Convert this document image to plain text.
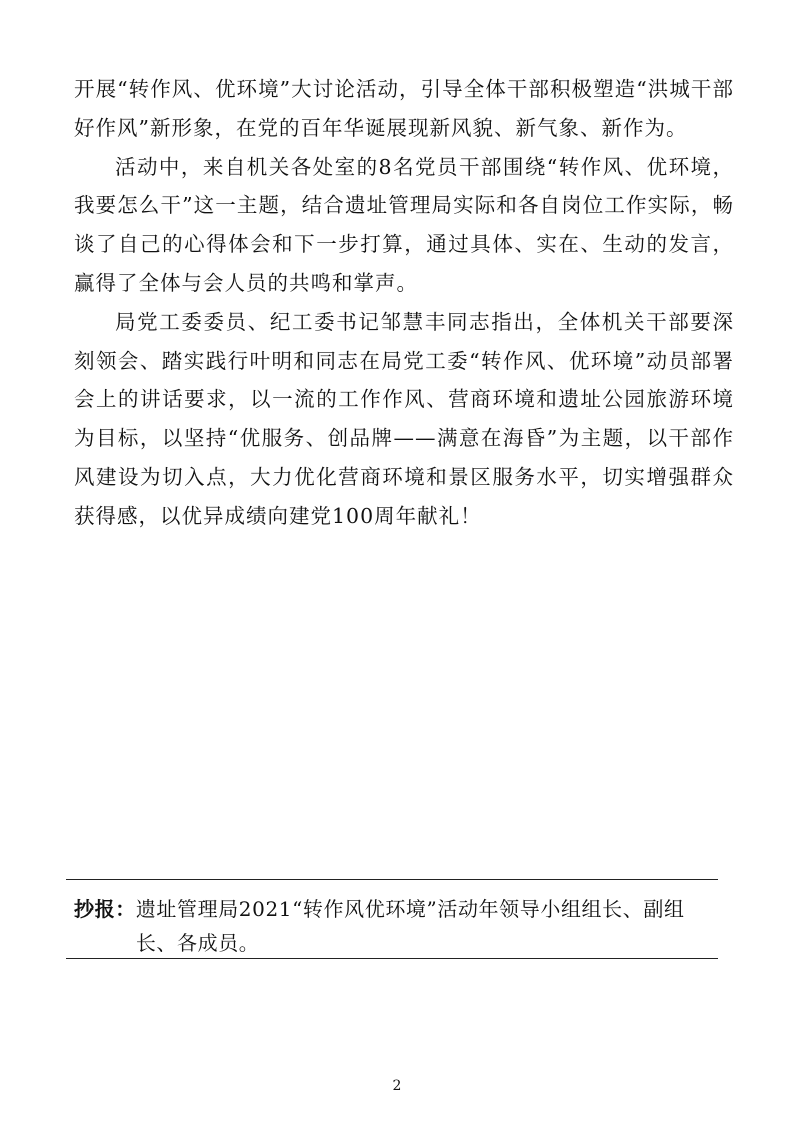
开展“转作风、优环境”大讨论活动，引导全体干部积极塑造“洪城干部好作风”新形象，在党的百年华诞展现新风貌、新气象、新作为。

活动中，来自机关各处室的8名党员干部围绕“转作风、优环境，我要怎么干”这一主题，结合遗址管理局实际和各自岗位工作实际，畅谈了自己的心得体会和下一步打算，通过具体、实在、生动的发言，赢得了全体与会人员的共鸣和掌声。

局党工委委员、纪工委书记邹慧丰同志指出，全体机关干部要深刻领会、踏实践行叶明和同志在局党工委“转作风、优环境”动员部署会上的讲话要求，以一流的工作作风、营商环境和遗址公园旅游环境为目标，以坚持“优服务、创品牌——满意在海昏”为主题，以干部作风建设为切入点，大力优化营商环境和景区服务水平，切实增强群众获得感，以优异成绩向建党100周年献礼！

抄报： 遗址管理局2021“转作风优环境”活动年领导小组组长、副组长、各成员。
2
